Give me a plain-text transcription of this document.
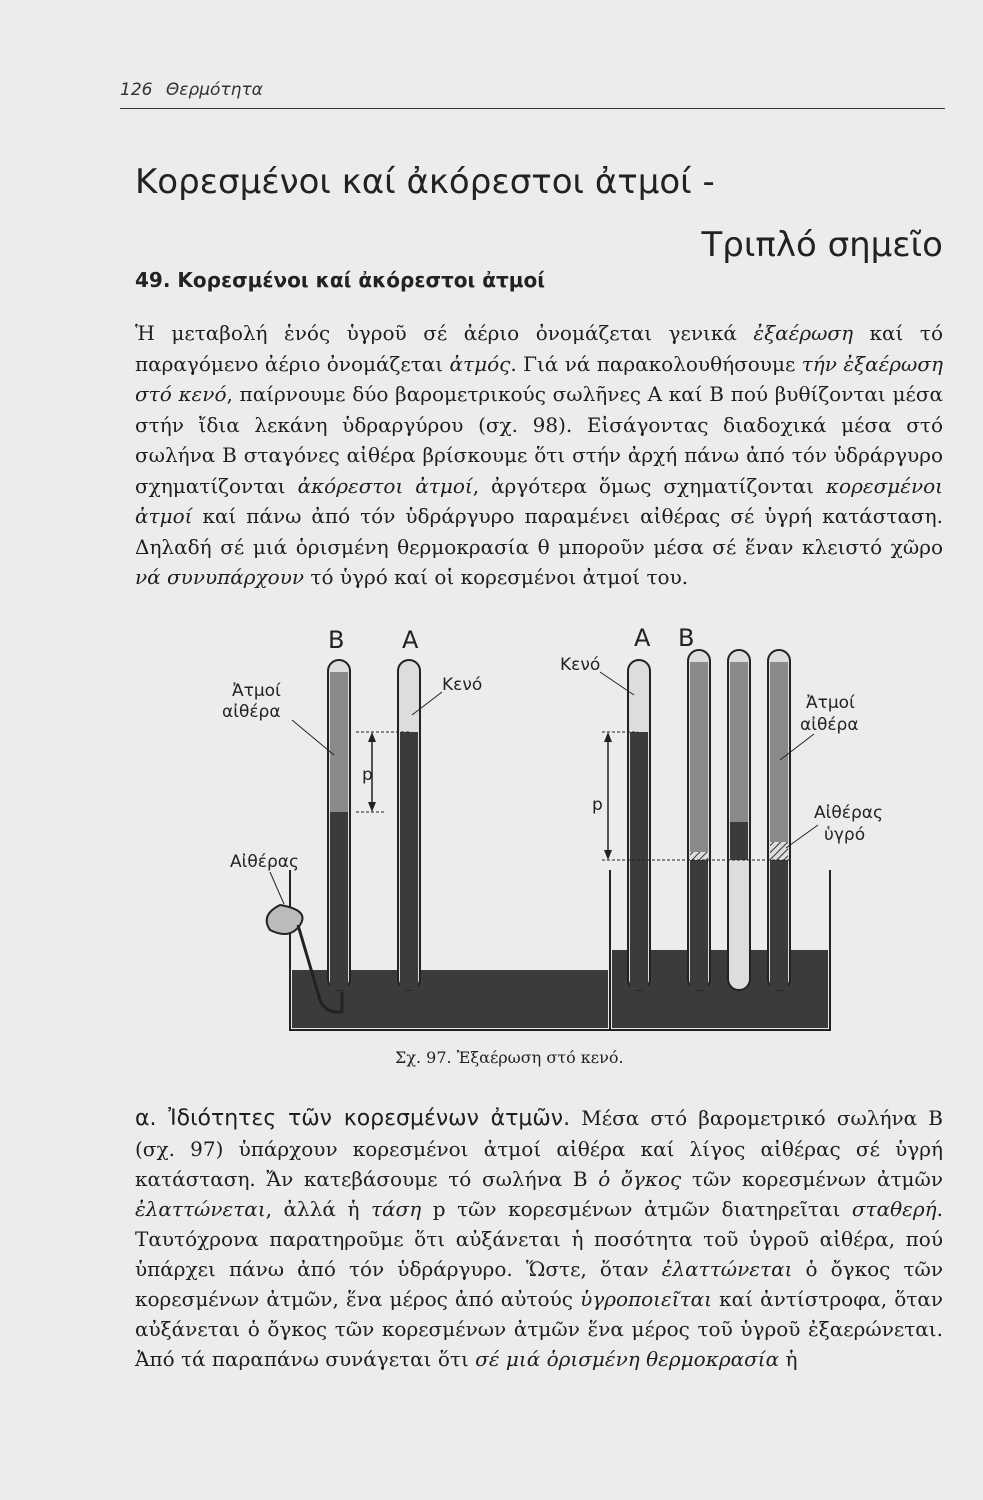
126 Θερμότητα
Κορεσμένοι καί ἀκόρεστοι ἀτμοί -
Τριπλό σημεῖο
49. Κορεσμένοι καί ἀκόρεστοι ἀτμοί

Ἡ μεταβολή ἑνός ὑγροῦ σέ ἀέριο ὀνομάζεται γενικά ἐξαέρωση καί τό παραγόμενο ἀέριο ὀνομάζεται ἀτμός. Γιά νά παρακολουθήσουμε τήν ἐξαέρωση στό κενό, παίρνουμε δύο βαρομετρικούς σωλῆνες Α καί Β πού βυθίζονται μέσα στήν ἴδια λεκάνη ὑδραργύρου (σχ. 98). Εἰσάγοντας διαδοχικά μέσα στό σωλήνα Β σταγόνες αἰθέρα βρίσκουμε ὅτι στήν ἀρχή πάνω ἀπό τόν ὑδράργυρο σχηματίζονται ἀκόρεστοι ἀτμοί, ἀργότερα ὅμως σχηματίζονται κορεσμένοι ἀτμοί καί πάνω ἀπό τόν ὑδράργυρο παραμένει αἰθέρας σέ ὑγρή κατάσταση. Δηλαδή σέ μιά ὁρισμένη θερμοκρασία θ μποροῦν μέσα σέ ἕναν κλειστό χῶρο νά συνυπάρχουν τό ὑγρό καί οἱ κορεσμένοι ἀτμοί του.

p
Β Α
Ἀτμοί
αἰθέρα
Κενό
Αἰθέρας
p
Α Β
Κενό
Ἀτμοί
αἰθέρα
Αἰθέρας
ὑγρό
Σχ. 97. Ἐξαέρωση στό κενό.

α. Ἰδιότητες τῶν κορεσμένων ἀτμῶν. Μέσα στό βαρομετρικό σωλήνα Β (σχ. 97) ὑπάρχουν κορεσμένοι ἀτμοί αἰθέρα καί λίγος αἰθέρας σέ ὑγρή κατάσταση. Ἄν κατεβάσουμε τό σωλήνα Β ὁ ὄγκος τῶν κορεσμένων ἀτμῶν ἐλαττώνεται, ἀλλά ἡ τάση p τῶν κορεσμένων ἀτμῶν διατηρεῖται σταθερή. Ταυτόχρονα παρατηροῦμε ὅτι αὐξάνεται ἡ ποσότητα τοῦ ὑγροῦ αἰθέρα, πού ὑπάρχει πάνω ἀπό τόν ὑδράργυρο. Ὥστε, ὅταν ἐλαττώνεται ὁ ὄγκος τῶν κορεσμένων ἀτμῶν, ἕνα μέρος ἀπό αὐτούς ὑγροποιεῖται καί ἀντίστροφα, ὅταν αὐξάνεται ὁ ὄγκος τῶν κορεσμένων ἀτμῶν ἕνα μέρος τοῦ ὑγροῦ ἐξαερώνεται. Ἀπό τά παραπάνω συνάγεται ὅτι σέ μιά ὁρισμένη θερμοκρασία ἡ
